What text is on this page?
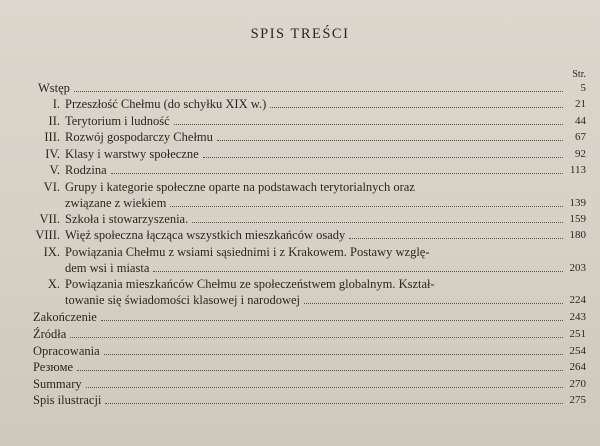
SPIS TREŚCI
Str.
Wstęp	5
I. Przeszłość Chełmu (do schyłku XIX w.)	21
II. Terytorium i ludność	44
III. Rozwój gospodarczy Chełmu	67
IV. Klasy i warstwy społeczne	92
V. Rodzina	113
VI. Grupy i kategorie społeczne oparte na podstawach terytorialnych oraz
związane z wiekiem	139
VII. Szkoła i stowarzyszenia.	159
VIII. Więź społeczna łącząca wszystkich mieszkańców osady	180
IX. Powiązania Chełmu z wsiami sąsiednimi i z Krakowem. Postawy wzglę-
dem wsi i miasta	203
X. Powiązania mieszkańców Chełmu ze społeczeństwem globalnym. Kształ-
towanie się świadomości klasowej i narodowej	224
Zakończenie	243
Źródła	251
Opracowania	254
Резюме	264
Summary	270
Spis ilustracji	275
